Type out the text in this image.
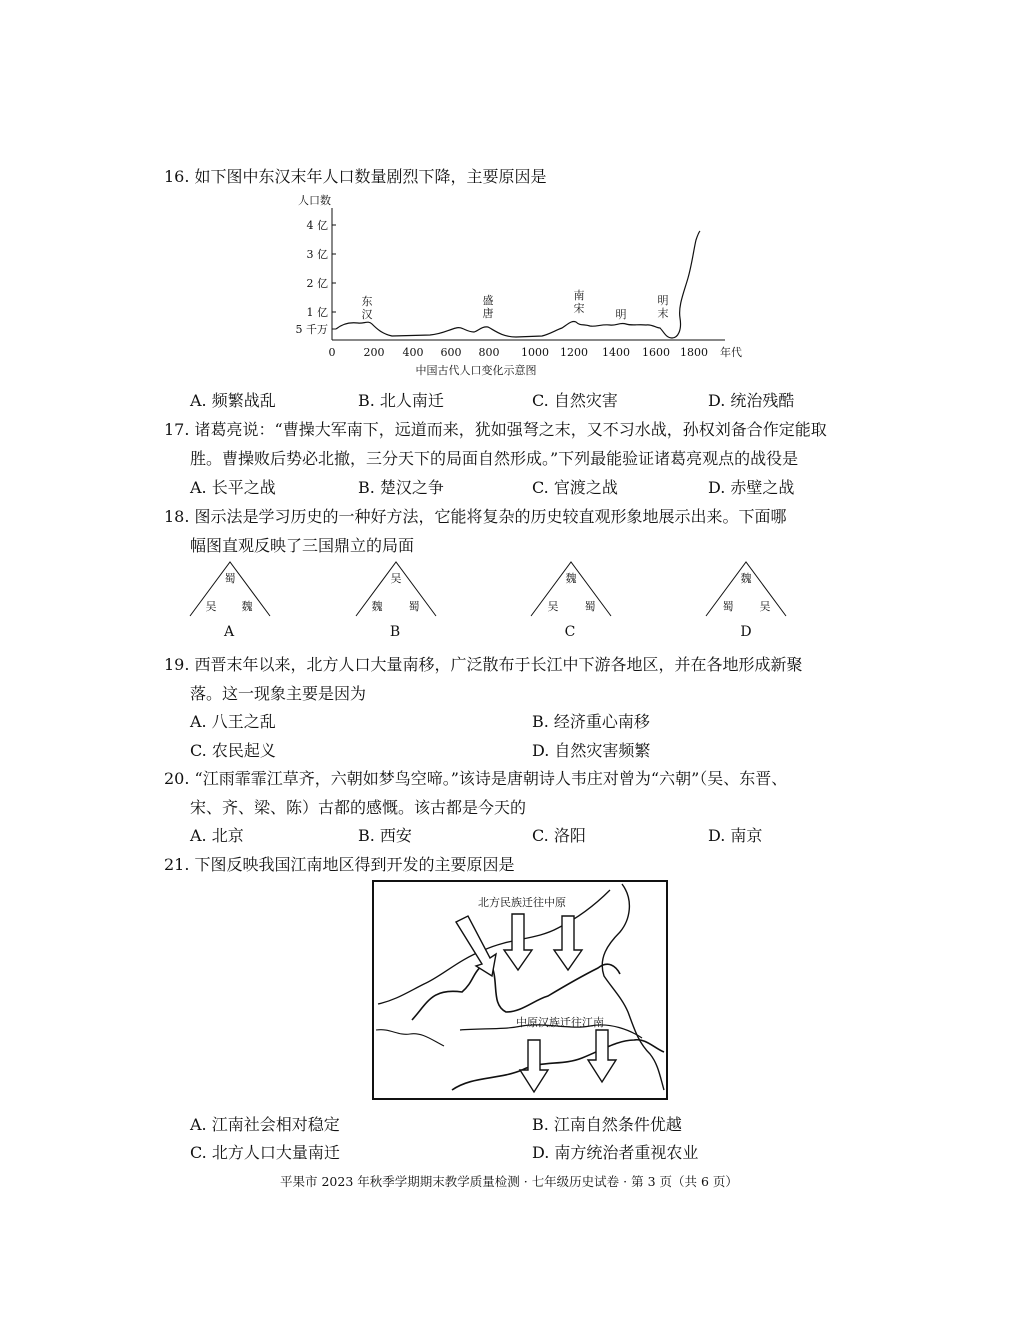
16. 如下图中东汉末年人口数量剧烈下降，主要原因是
人口数
4 亿
3 亿
2 亿
1 亿
5 千万
0	200 400 600 800 1000 1200 1400 1600 1800 年代
东
汉
盛
唐
南
宋	明
明
末
中国古代人口变化示意图
A. 频繁战乱	B. 北人南迁	C. 自然灾害	D. 统治残酷
17. 诸葛亮说：“曹操大军南下，远道而来，犹如强弩之末，又不习水战，孙权刘备合作定能取
胜。曹操败后势必北撤，三分天下的局面自然形成。”下列最能验证诸葛亮观点的战役是
A. 长平之战	B. 楚汉之争	C. 官渡之战	D. 赤壁之战
18. 图示法是学习历史的一种好方法，它能将复杂的历史较直观形象地展示出来。下面哪
幅图直观反映了三国鼎立的局面
蜀
吴 魏
A
吴
魏 蜀
B
魏
吴 蜀
C
魏
蜀 吴
D
19. 西晋末年以来，北方人口大量南移，广泛散布于长江中下游各地区，并在各地形成新聚
落。这一现象主要是因为
A. 八王之乱	B. 经济重心南移
C. 农民起义	D. 自然灾害频繁
20. “江雨霏霏江草齐，六朝如梦鸟空啼。”该诗是唐朝诗人韦庄对曾为“六朝”（吴、东晋、
宋、齐、梁、陈）古都的感慨。该古都是今天的
A. 北京	B. 西安	C. 洛阳	D. 南京
21. 下图反映我国江南地区得到开发的主要原因是
北方民族迁往中原
中原汉族迁往江南
A. 江南社会相对稳定	B. 江南自然条件优越
C. 北方人口大量南迁	D. 南方统治者重视农业
平果市 2023 年秋季学期期末教学质量检测 · 七年级历史试卷 · 第 3 页（共 6 页）
